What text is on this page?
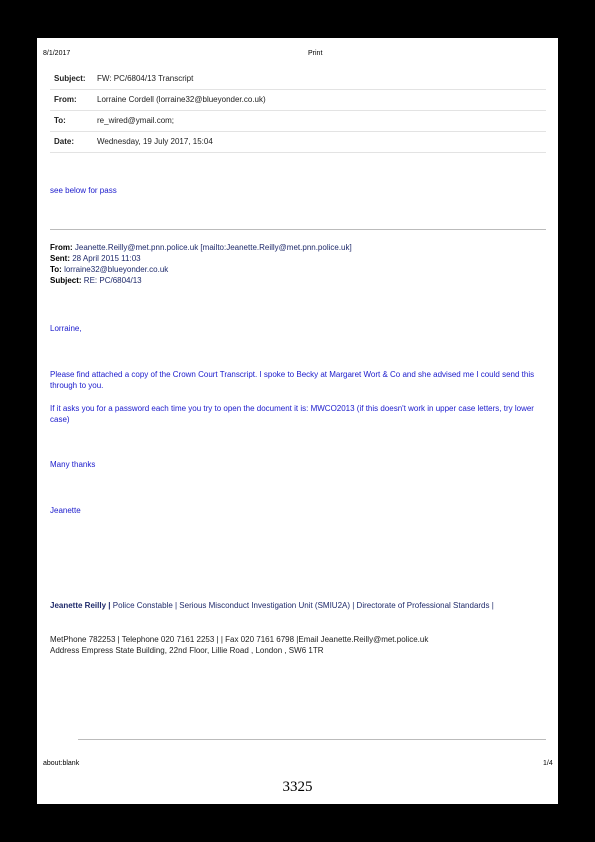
8/1/2017	Print
Subject: FW: PC/6804/13 Transcript
From:	Lorraine Cordell (lorraine32@blueyonder.co.uk)
To:	re_wired@ymail.com;
Date:	Wednesday, 19 July 2017, 15:04
see below for pass
From: Jeanette.Reilly@met.pnn.police.uk [mailto:Jeanette.Reilly@met.pnn.police.uk]
Sent: 28 April 2015 11:03
To: lorraine32@blueyonder.co.uk
Subject: RE: PC/6804/13
Lorraine,
Please find attached a copy of the Crown Court Transcript. I spoke to Becky at Margaret Wort & Co and she advised me I could send this through to you.
If it asks you for a password each time you try to open the document it is: MWCO2013 (if this doesn't work in upper case letters, try lower case)
Many thanks
Jeanette
Jeanette Reilly | Police Constable | Serious Misconduct Investigation Unit (SMIU2A) | Directorate of Professional Standards |
MetPhone 782253 | Telephone 020 7161 2253 | | Fax 020 7161 6798 |Email Jeanette.Reilly@met.police.uk
Address Empress State Building, 22nd Floor, Lillie Road , London , SW6 1TR
about:blank	1/4
3325
